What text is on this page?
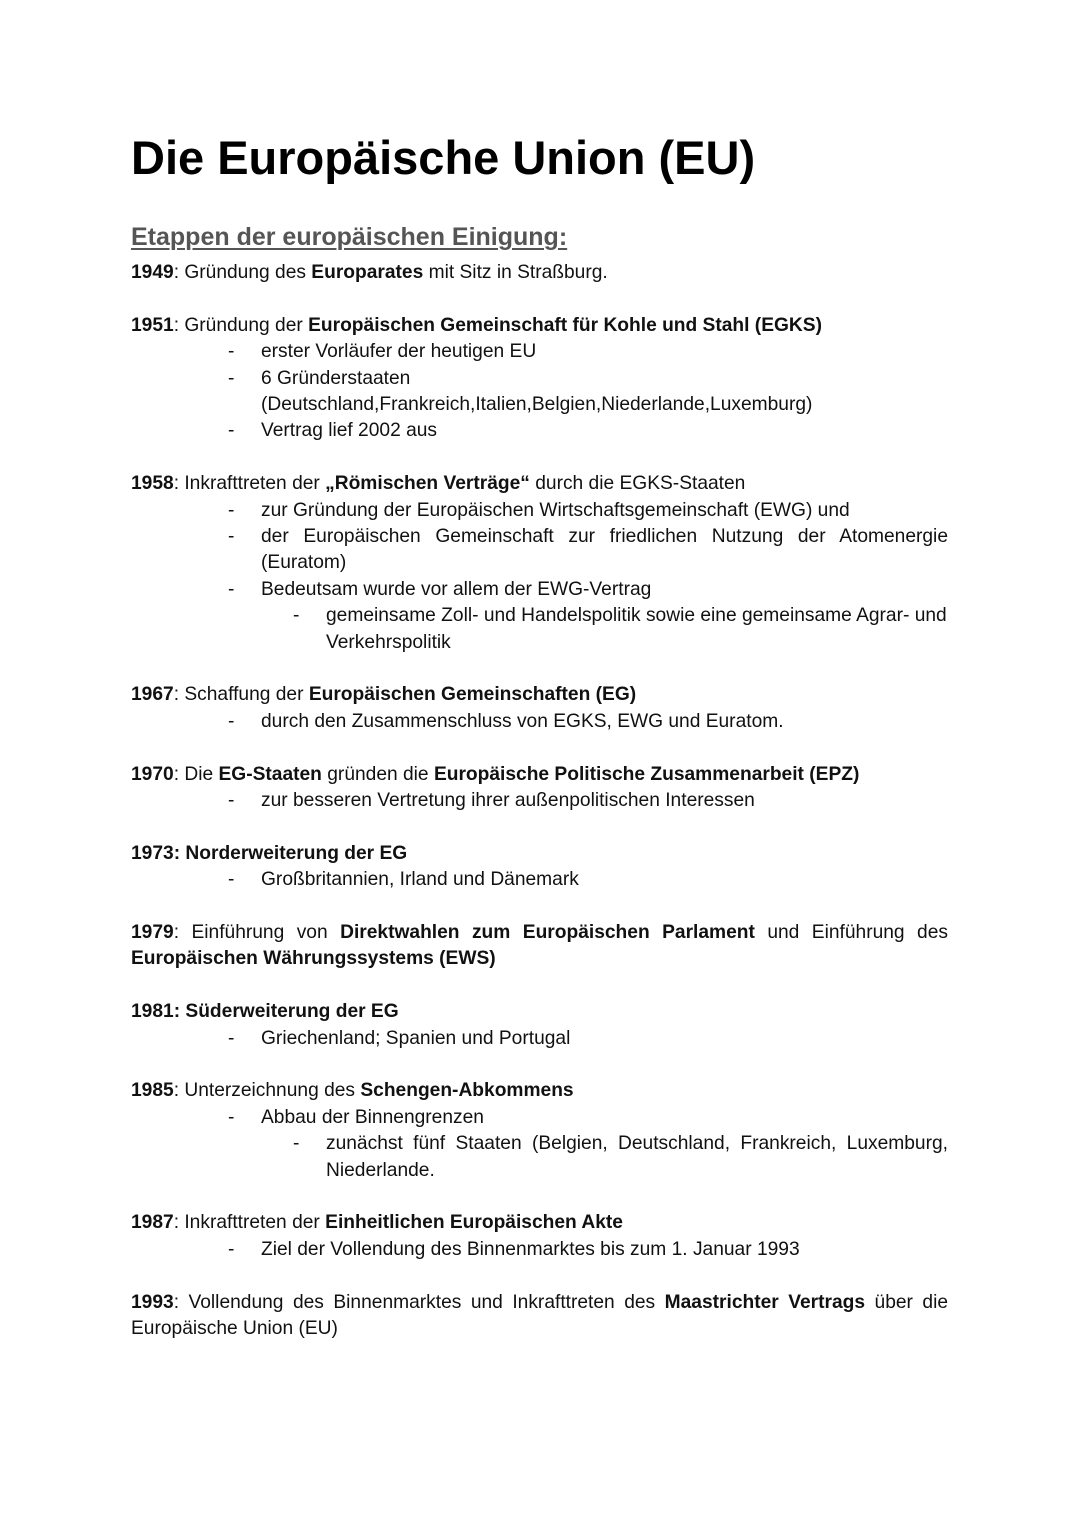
Die Europäische Union (EU)
Etappen der europäischen Einigung:

1949: Gründung des Europarates mit Sitz in Straßburg.

1951: Gründung der Europäischen Gemeinschaft für Kohle und Stahl (EGKS)

- erster Vorläufer der heutigen EU

- 6 Gründerstaaten
(Deutschland,Frankreich,Italien,Belgien,Niederlande,Luxemburg)

- Vertrag lief 2002 aus

1958: Inkrafttreten der „Römischen Verträge“ durch die EGKS-Staaten

- zur Gründung der Europäischen Wirtschaftsgemeinschaft (EWG) und

- der Europäischen Gemeinschaft zur friedlichen Nutzung der Atomenergie (Euratom)

- Bedeutsam wurde vor allem der EWG-Vertrag

- gemeinsame Zoll- und Handelspolitik sowie eine gemeinsame Agrar- und Verkehrspolitik

1967: Schaffung der Europäischen Gemeinschaften (EG)

- durch den Zusammenschluss von EGKS, EWG und Euratom.

1970: Die EG-Staaten gründen die Europäische Politische Zusammenarbeit (EPZ)

- zur besseren Vertretung ihrer außenpolitischen Interessen

1973: Norderweiterung der EG

- Großbritannien, Irland und Dänemark

1979: Einführung von Direktwahlen zum Europäischen Parlament und Einführung des Europäischen Währungssystems (EWS)

1981: Süderweiterung der EG

- Griechenland; Spanien und Portugal

1985: Unterzeichnung des Schengen-Abkommens

- Abbau der Binnengrenzen

- zunächst fünf Staaten (Belgien, Deutschland, Frankreich, Luxemburg, Niederlande.

1987: Inkrafttreten der Einheitlichen Europäischen Akte

- Ziel der Vollendung des Binnenmarktes bis zum 1. Januar 1993

1993: Vollendung des Binnenmarktes und Inkrafttreten des Maastrichter Vertrags über die Europäische Union (EU)
